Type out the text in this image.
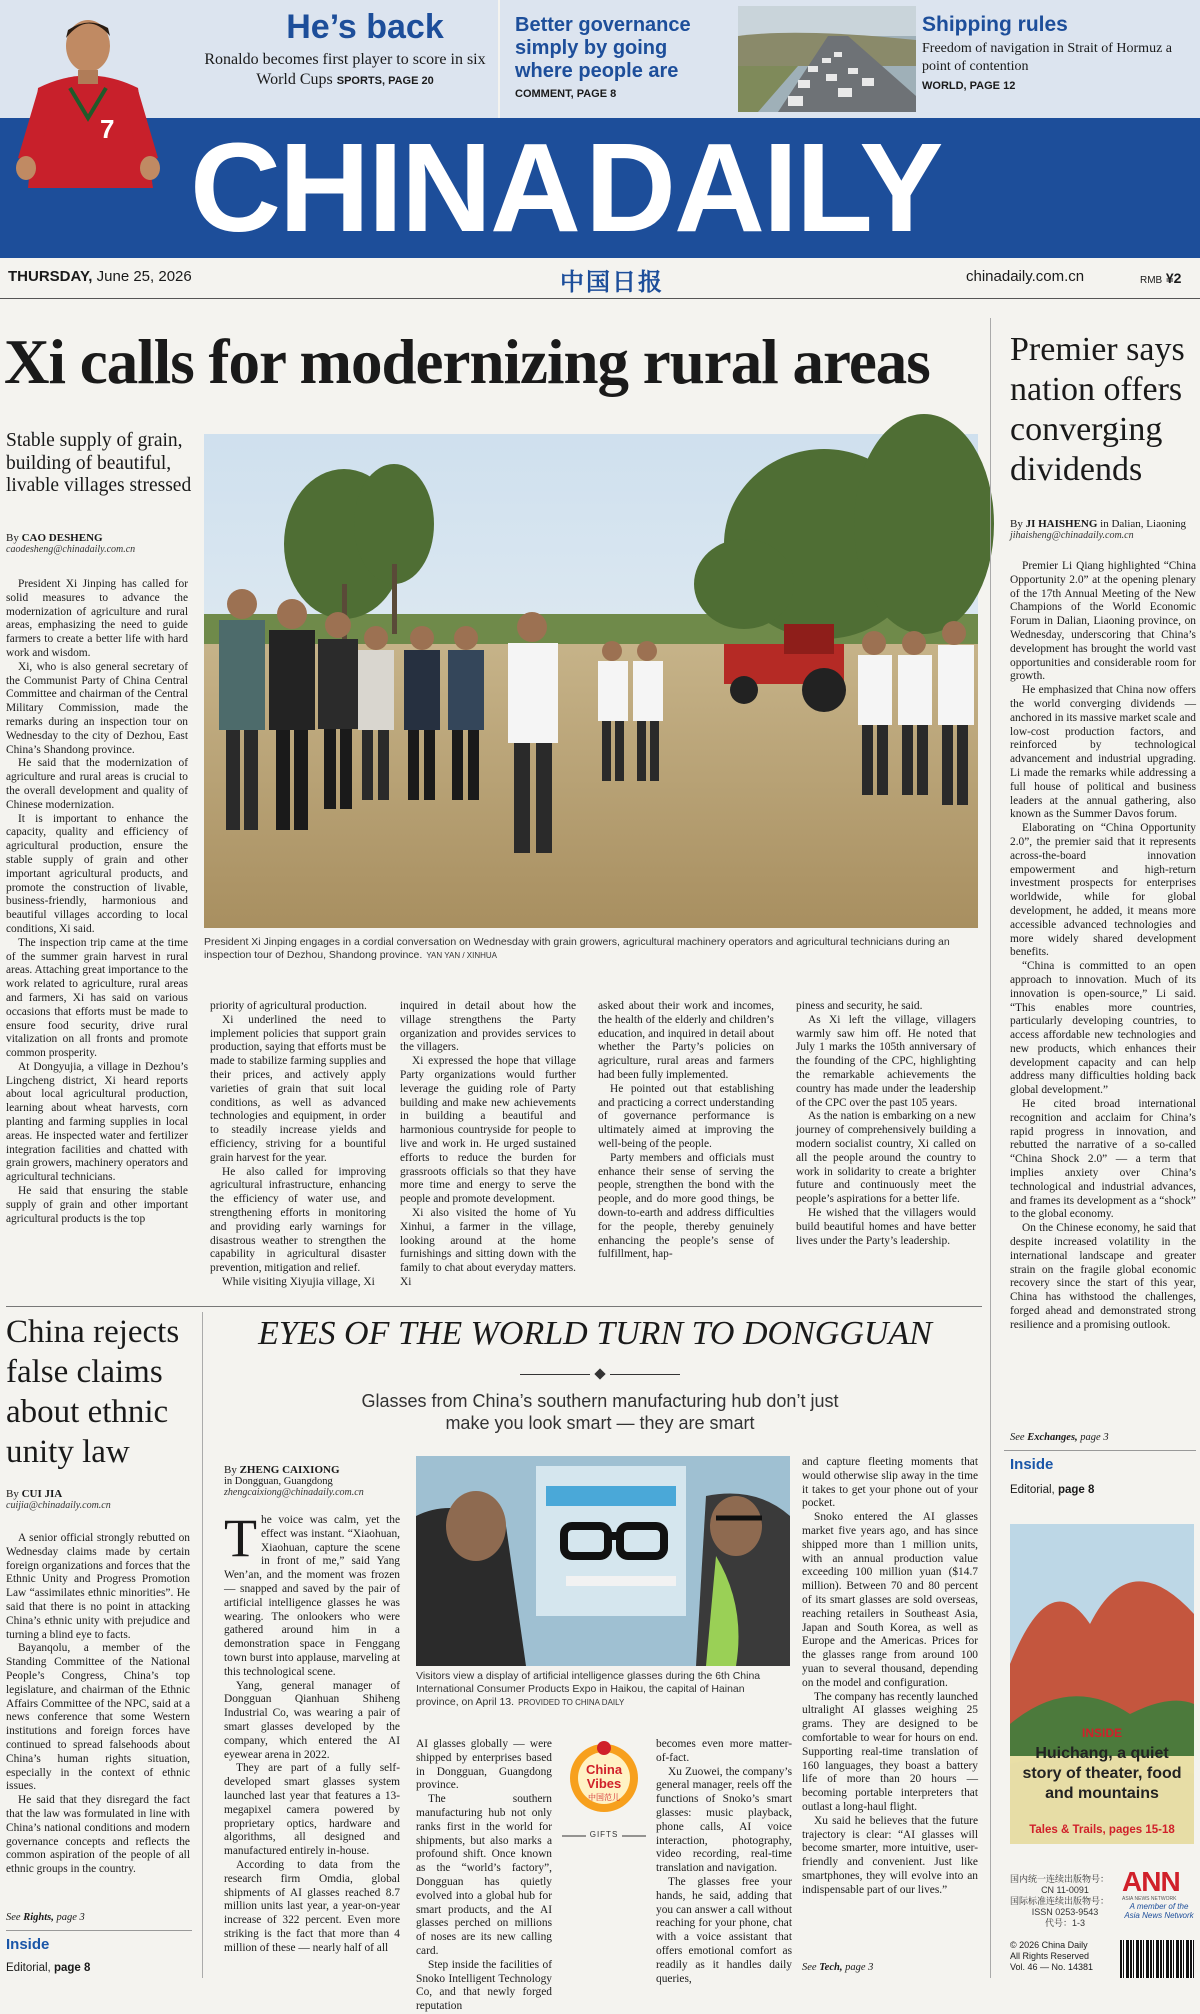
7
He’s back
Ronaldo becomes first player to score in six World Cups SPORTS, PAGE 20
Better governance simply by going where people are
COMMENT, PAGE 8
Shipping rules
Freedom of navigation in Strait of Hormuz a point of contention
WORLD, PAGE 12
CHINADAILY
THURSDAY, June 25, 2026	中国日报	chinadaily.com.cn	RMB ¥2
Xi calls for modernizing rural areas
Stable supply of grain, building of beautiful, livable villages stressed
By CAO DESHENG
caodesheng@chinadaily.com.cn

President Xi Jinping has called for solid measures to advance the modernization of agriculture and rural areas, emphasizing the need to guide farmers to create a better life with hard work and wisdom.

Xi, who is also general secretary of the Communist Party of China Central Committee and chairman of the Central Military Commission, made the remarks during an inspection tour on Wednesday to the city of Dezhou, East China’s Shandong province.

He said that the modernization of agriculture and rural areas is crucial to the overall development and quality of Chinese modernization.

It is important to enhance the capacity, quality and efficiency of agricultural production, ensure the stable supply of grain and other important agricultural products, and promote the construction of livable, business-friendly, harmonious and beautiful villages according to local conditions, Xi said.

The inspection trip came at the time of the summer grain harvest in rural areas. Attaching great importance to the work related to agriculture, rural areas and farmers, Xi has said on various occasions that efforts must be made to ensure food security, drive rural vitalization on all fronts and promote common prosperity.

At Dongyujia, a village in Dezhou’s Lingcheng district, Xi heard reports about local agricultural production, learning about wheat harvests, corn planting and farming supplies in local areas. He inspected water and fertilizer integration facilities and chatted with grain growers, machinery operators and agricultural technicians.

He said that ensuring the stable supply of grain and other important agricultural products is the top

President Xi Jinping engages in a cordial conversation on Wednesday with grain growers, agricultural machinery operators and agricultural technicians during an inspection tour of Dezhou, Shandong province. YAN YAN / XINHUA

priority of agricultural production.

Xi underlined the need to implement policies that support grain production, saying that efforts must be made to stabilize farming supplies and their prices, and actively apply varieties of grain that suit local conditions, as well as advanced technologies and equipment, in order to steadily increase yields and efficiency, striving for a bountiful grain harvest for the year.

He also called for improving agricultural infrastructure, enhancing the efficiency of water use, and strengthening efforts in monitoring and providing early warnings for disastrous weather to strengthen the capability in agricultural disaster prevention, mitigation and relief.

While visiting Xiyujia village, Xi

inquired in detail about how the village strengthens the Party organization and provides services to the villagers.

Xi expressed the hope that village Party organizations would further leverage the guiding role of Party building and make new achievements in building a beautiful and harmonious countryside for people to live and work in. He urged sustained efforts to reduce the burden for grassroots officials so that they have more time and energy to serve the people and promote development.

Xi also visited the home of Yu Xinhui, a farmer in the village, looking around at the home furnishings and sitting down with the family to chat about everyday matters. Xi

asked about their work and incomes, the health of the elderly and children’s education, and inquired in detail about whether the Party’s policies on agriculture, rural areas and farmers had been fully implemented.

He pointed out that establishing and practicing a correct understanding of governance performance is ultimately aimed at improving the well-being of the people.

Party members and officials must enhance their sense of serving the people, strengthen the bond with the people, and do more good things, be down-to-earth and address difficulties for the people, thereby genuinely enhancing the people’s sense of fulfillment, hap-

piness and security, he said.

As Xi left the village, villagers warmly saw him off. He noted that July 1 marks the 105th anniversary of the founding of the CPC, highlighting the remarkable achievements the country has made under the leadership of the CPC over the past 105 years.

As the nation is embarking on a new journey of comprehensively building a modern socialist country, Xi called on all the people around the country to work in solidarity to create a brighter future and continuously meet the people’s aspirations for a better life.

He wished that the villagers would build beautiful homes and have better lives under the Party’s leadership.

Premier says nation offers converging dividends
By JI HAISHENG in Dalian, Liaoning
jihaisheng@chinadaily.com.cn

Premier Li Qiang highlighted “China Opportunity 2.0” at the opening plenary of the 17th Annual Meeting of the New Champions of the World Economic Forum in Dalian, Liaoning province, on Wednesday, underscoring that China’s development has brought the world vast opportunities and considerable room for growth.

He emphasized that China now offers the world converging dividends — anchored in its massive market scale and low-cost production factors, and reinforced by technological advancement and industrial upgrading. Li made the remarks while addressing a full house of political and business leaders at the annual gathering, also known as the Summer Davos forum.

Elaborating on “China Opportunity 2.0”, the premier said that it represents across-the-board innovation empowerment and high-return investment prospects for enterprises worldwide, while for global development, he added, it means more accessible advanced technologies and more widely shared development benefits.

“China is committed to an open approach to innovation. Much of its innovation is open-source,” Li said. “This enables more countries, particularly developing countries, to access affordable new technologies and new products, which enhances their development capacity and can help address many difficulties holding back global development.”

He cited broad international recognition and acclaim for China’s rapid progress in innovation, and rebutted the narrative of a so-called “China Shock 2.0” — a term that implies anxiety over China’s technological and industrial advances, and frames its development as a “shock” to the global economy.

On the Chinese economy, he said that despite increased volatility in the international landscape and greater strain on the fragile global economic recovery since the start of this year, China has withstood the challenges, forged ahead and demonstrated strong resilience and a promising outlook.

See Exchanges, page 3
Inside
Editorial, page 8
INSIDE
Huichang, a quiet story of theater, food and mountains
Tales & Trails, pages 15-18
国内统一连续出版物号：
CN 11-0091
国际标准连续出版物号：
ISSN 0253-9543
代号：1-3
ANN
ASIA NEWS NETWORK
A member of the Asia News Network
© 2026 China Daily
All Rights Reserved
Vol. 46 — No. 14381
China rejects false claims about ethnic unity law
By CUI JIA
cuijia@chinadaily.com.cn

A senior official strongly rebutted on Wednesday claims made by certain foreign organizations and forces that the Ethnic Unity and Progress Promotion Law “assimilates ethnic minorities”. He said that there is no point in attacking China’s ethnic unity with prejudice and turning a blind eye to facts.

Bayanqolu, a member of the Standing Committee of the National People’s Congress, China’s top legislature, and chairman of the Ethnic Affairs Committee of the NPC, said at a news conference that some Western institutions and foreign forces have continued to spread falsehoods about China’s human rights situation, especially in the context of ethnic issues.

He said that they disregard the fact that the law was formulated in line with China’s national conditions and modern governance concepts and reflects the common aspiration of the people of all ethnic groups in the country.

See Rights, page 3
Inside
Editorial, page 8
EYES OF THE WORLD TURN TO DONGGUAN
Glasses from China’s southern manufacturing hub don’t just make you look smart — they are smart
By ZHENG CAIXIONG
in Dongguan, Guangdong
zhengcaixiong@chinadaily.com.cn
T he voice was calm, yet the effect was instant. “Xiaohuan, Xiaohuan, capture the scene in front of me,” said Yang Wen’an, and the moment was frozen — snapped and saved by the pair of artificial intelligence glasses he was wearing. The onlookers who were gathered around him in a demonstration space in Fenggang town burst into applause, marveling at this technological scene.

Yang, general manager of Dongguan Qianhuan Shiheng Industrial Co, was wearing a pair of smart glasses developed by the company, which entered the AI eyewear arena in 2022.

They are part of a fully self-developed smart glasses system launched last year that features a 13-megapixel camera powered by proprietary optics, hardware and algorithms, all designed and manufactured entirely in-house.

According to data from the research firm Omdia, global shipments of AI glasses reached 8.7 million units last year, a year-on-year increase of 322 percent. Even more striking is the fact that more than 4 million of these — nearly half of all

Visitors view a display of artificial intelligence glasses during the 6th China International Consumer Products Expo in Haikou, the capital of Hainan province, on April 13. PROVIDED TO CHINA DAILY

AI glasses globally — were shipped by enterprises based in Dongguan, Guangdong province.

The southern manufacturing hub not only ranks first in the world for shipments, but also marks a profound shift. Once known as the “world’s factory”, Dongguan has quietly evolved into a global hub for smart products, and the AI glasses perched on millions of noses are its new calling card.

Step inside the facilities of Snoko Intelligent Technology Co, and that newly forged reputation

China
Vibes
中国范儿
GIFTS

becomes even more matter-of-fact.

Xu Zuowei, the company’s general manager, reels off the functions of Snoko’s smart glasses: music playback, phone calls, AI voice interaction, photography, video recording, real-time translation and navigation.

The glasses free your hands, he said, adding that you can answer a call without reaching for your phone, chat with a voice assistant that offers emotional comfort as readily as it handles daily queries,

and capture fleeting moments that would otherwise slip away in the time it takes to get your phone out of your pocket.

Snoko entered the AI glasses market five years ago, and has since shipped more than 1 million units, with an annual production value exceeding 100 million yuan ($14.7 million). Between 70 and 80 percent of its smart glasses are sold overseas, reaching retailers in Southeast Asia, Japan and South Korea, as well as Europe and the Americas. Prices for the glasses range from around 100 yuan to several thousand, depending on the model and configuration.

The company has recently launched ultralight AI glasses weighing 25 grams. They are designed to be comfortable to wear for hours on end. Supporting real-time translation of 160 languages, they boast a battery life of more than 20 hours — becoming portable interpreters that outlast a long-haul flight.

Xu said he believes that the future trajectory is clear: “AI glasses will become smarter, more intuitive, user-friendly and convenient. Just like smartphones, they will evolve into an indispensable part of our lives.”

See Tech, page 3
